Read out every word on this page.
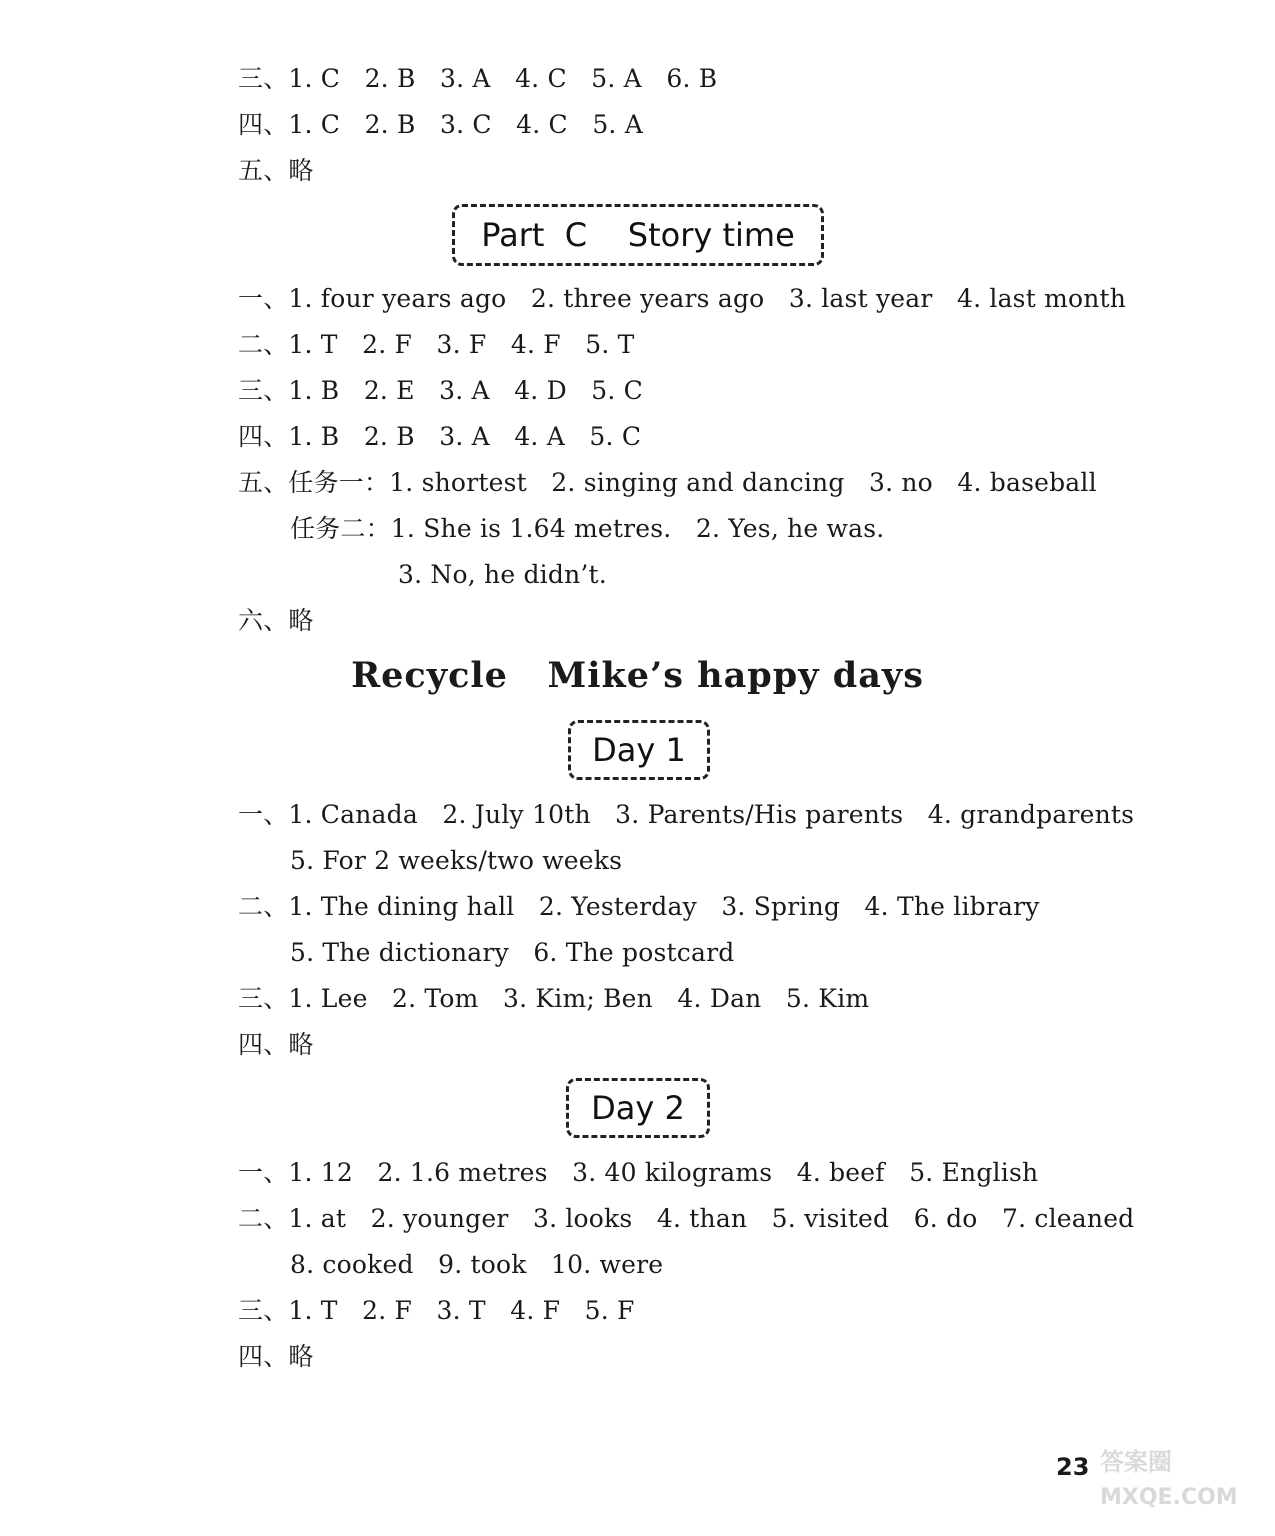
三、1. C   2. B   3. A   4. C   5. A   6. B
四、1. C   2. B   3. C   4. C   5. A
五、略
Part  C    Story time
一、1. four years ago   2. three years ago   3. last year   4. last month
二、1. T   2. F   3. F   4. F   5. T
三、1. B   2. E   3. A   4. D   5. C
四、1. B   2. B   3. A   4. A   5. C
五、任务一：1. shortest   2. singing and dancing   3. no   4. baseball
任务二：1. She is 1.64 metres.   2. Yes, he was.
3. No, he didn’t.
六、略
Recycle   Mike’s happy days
Day 1
一、1. Canada   2. July 10th   3. Parents/His parents   4. grandparents
5. For 2 weeks/two weeks
二、1. The dining hall   2. Yesterday   3. Spring   4. The library
5. The dictionary   6. The postcard
三、1. Lee   2. Tom   3. Kim; Ben   4. Dan   5. Kim
四、略
Day 2
一、1. 12   2. 1.6 metres   3. 40 kilograms   4. beef   5. English
二、1. at   2. younger   3. looks   4. than   5. visited   6. do   7. cleaned
8. cooked   9. took   10. were
三、1. T   2. F   3. T   4. F   5. F
四、略
23 答案圈
MXQE.COM
